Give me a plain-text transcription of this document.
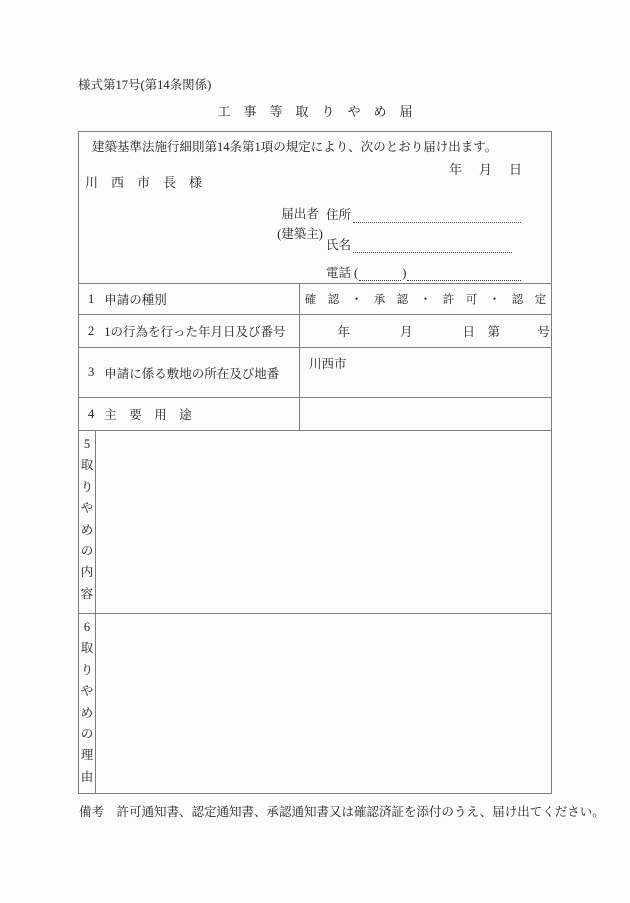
様式第17号(第14条関係)
工　事　等　取　り　や　め　届
建築基準法施行細則第14条第1項の規定により、次のとおり届け出ます。
年　月　日
川　西　市　長　様
届出者
(建築主)
住所
氏名
電話 (	)
1 申請の種別	確　認　・　承　認　・　許　可　・　認　定
2 1の行為を行った年月日及び番号 　　　年　　　　月　　　　日　第　　　号
3 申請に係る敷地の所在及び地番
川西市
4 主　要　用　途
5
取
り
や
め
の
内
容
6
取
り
や
め
の
理
由
備考　許可通知書、認定通知書、承認通知書又は確認済証を添付のうえ、届け出てください。
